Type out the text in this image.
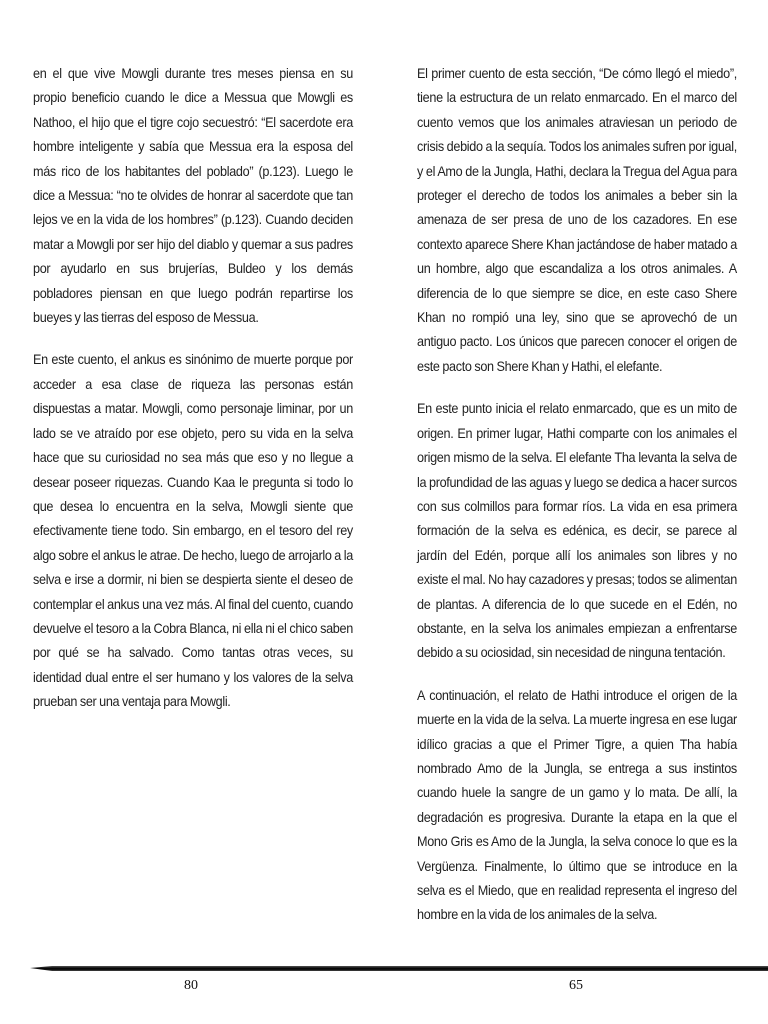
en el que vive Mowgli durante tres meses piensa en su propio beneficio cuando le dice a Messua que Mowgli es Nathoo, el hijo que el tigre cojo secuestró: “El sacerdote era hombre inteligente y sabía que Messua era la esposa del más rico de los habitantes del poblado” (p.123). Luego le dice a Messua: “no te olvides de honrar al sacerdote que tan lejos ve en la vida de los hombres” (p.123). Cuando deciden matar a Mowgli por ser hijo del diablo y quemar a sus padres por ayudarlo en sus brujerías, Buldeo y los demás pobladores piensan en que luego podrán repartirse los bueyes y las tierras del esposo de Messua.

En este cuento, el ankus es sinónimo de muerte porque por acceder a esa clase de riqueza las personas están dispuestas a matar. Mowgli, como personaje liminar, por un lado se ve atraído por ese objeto, pero su vida en la selva hace que su curiosidad no sea más que eso y no llegue a desear poseer riquezas. Cuando Kaa le pregunta si todo lo que desea lo encuentra en la selva, Mowgli siente que efectivamente tiene todo. Sin embargo, en el tesoro del rey algo sobre el ankus le atrae. De hecho, luego de arrojarlo a la selva e irse a dormir, ni bien se despierta siente el deseo de contemplar el ankus una vez más. Al final del cuento, cuando devuelve el tesoro a la Cobra Blanca, ni ella ni el chico saben por qué se ha salvado. Como tantas otras veces, su identidad dual entre el ser humano y los valores de la selva prueban ser una ventaja para Mowgli.

El primer cuento de esta sección, “De cómo llegó el miedo”, tiene la estructura de un relato enmarcado. En el marco del cuento vemos que los animales atraviesan un periodo de crisis debido a la sequía. Todos los animales sufren por igual, y el Amo de la Jungla, Hathi, declara la Tregua del Agua para proteger el derecho de todos los animales a beber sin la amenaza de ser presa de uno de los cazadores. En ese contexto aparece Shere Khan jactándose de haber matado a un hombre, algo que escandaliza a los otros animales. A diferencia de lo que siempre se dice, en este caso Shere Khan no rompió una ley, sino que se aprovechó de un antiguo pacto. Los únicos que parecen conocer el origen de este pacto son Shere Khan y Hathi, el elefante.

En este punto inicia el relato enmarcado, que es un mito de origen. En primer lugar, Hathi comparte con los animales el origen mismo de la selva. El elefante Tha levanta la selva de la profundidad de las aguas y luego se dedica a hacer surcos con sus colmillos para formar ríos. La vida en esa primera formación de la selva es edénica, es decir, se parece al jardín del Edén, porque allí los animales son libres y no existe el mal. No hay cazadores y presas; todos se alimentan de plantas. A diferencia de lo que sucede en el Edén, no obstante, en la selva los animales empiezan a enfrentarse debido a su ociosidad, sin necesidad de ninguna tentación.

A continuación, el relato de Hathi introduce el origen de la muerte en la vida de la selva. La muerte ingresa en ese lugar idílico gracias a que el Primer Tigre, a quien Tha había nombrado Amo de la Jungla, se entrega a sus instintos cuando huele la sangre de un gamo y lo mata. De allí, la degradación es progresiva. Durante la etapa en la que el Mono Gris es Amo de la Jungla, la selva conoce lo que es la Vergüenza. Finalmente, lo último que se introduce en la selva es el Miedo, que en realidad representa el ingreso del hombre en la vida de los animales de la selva.

80	65
